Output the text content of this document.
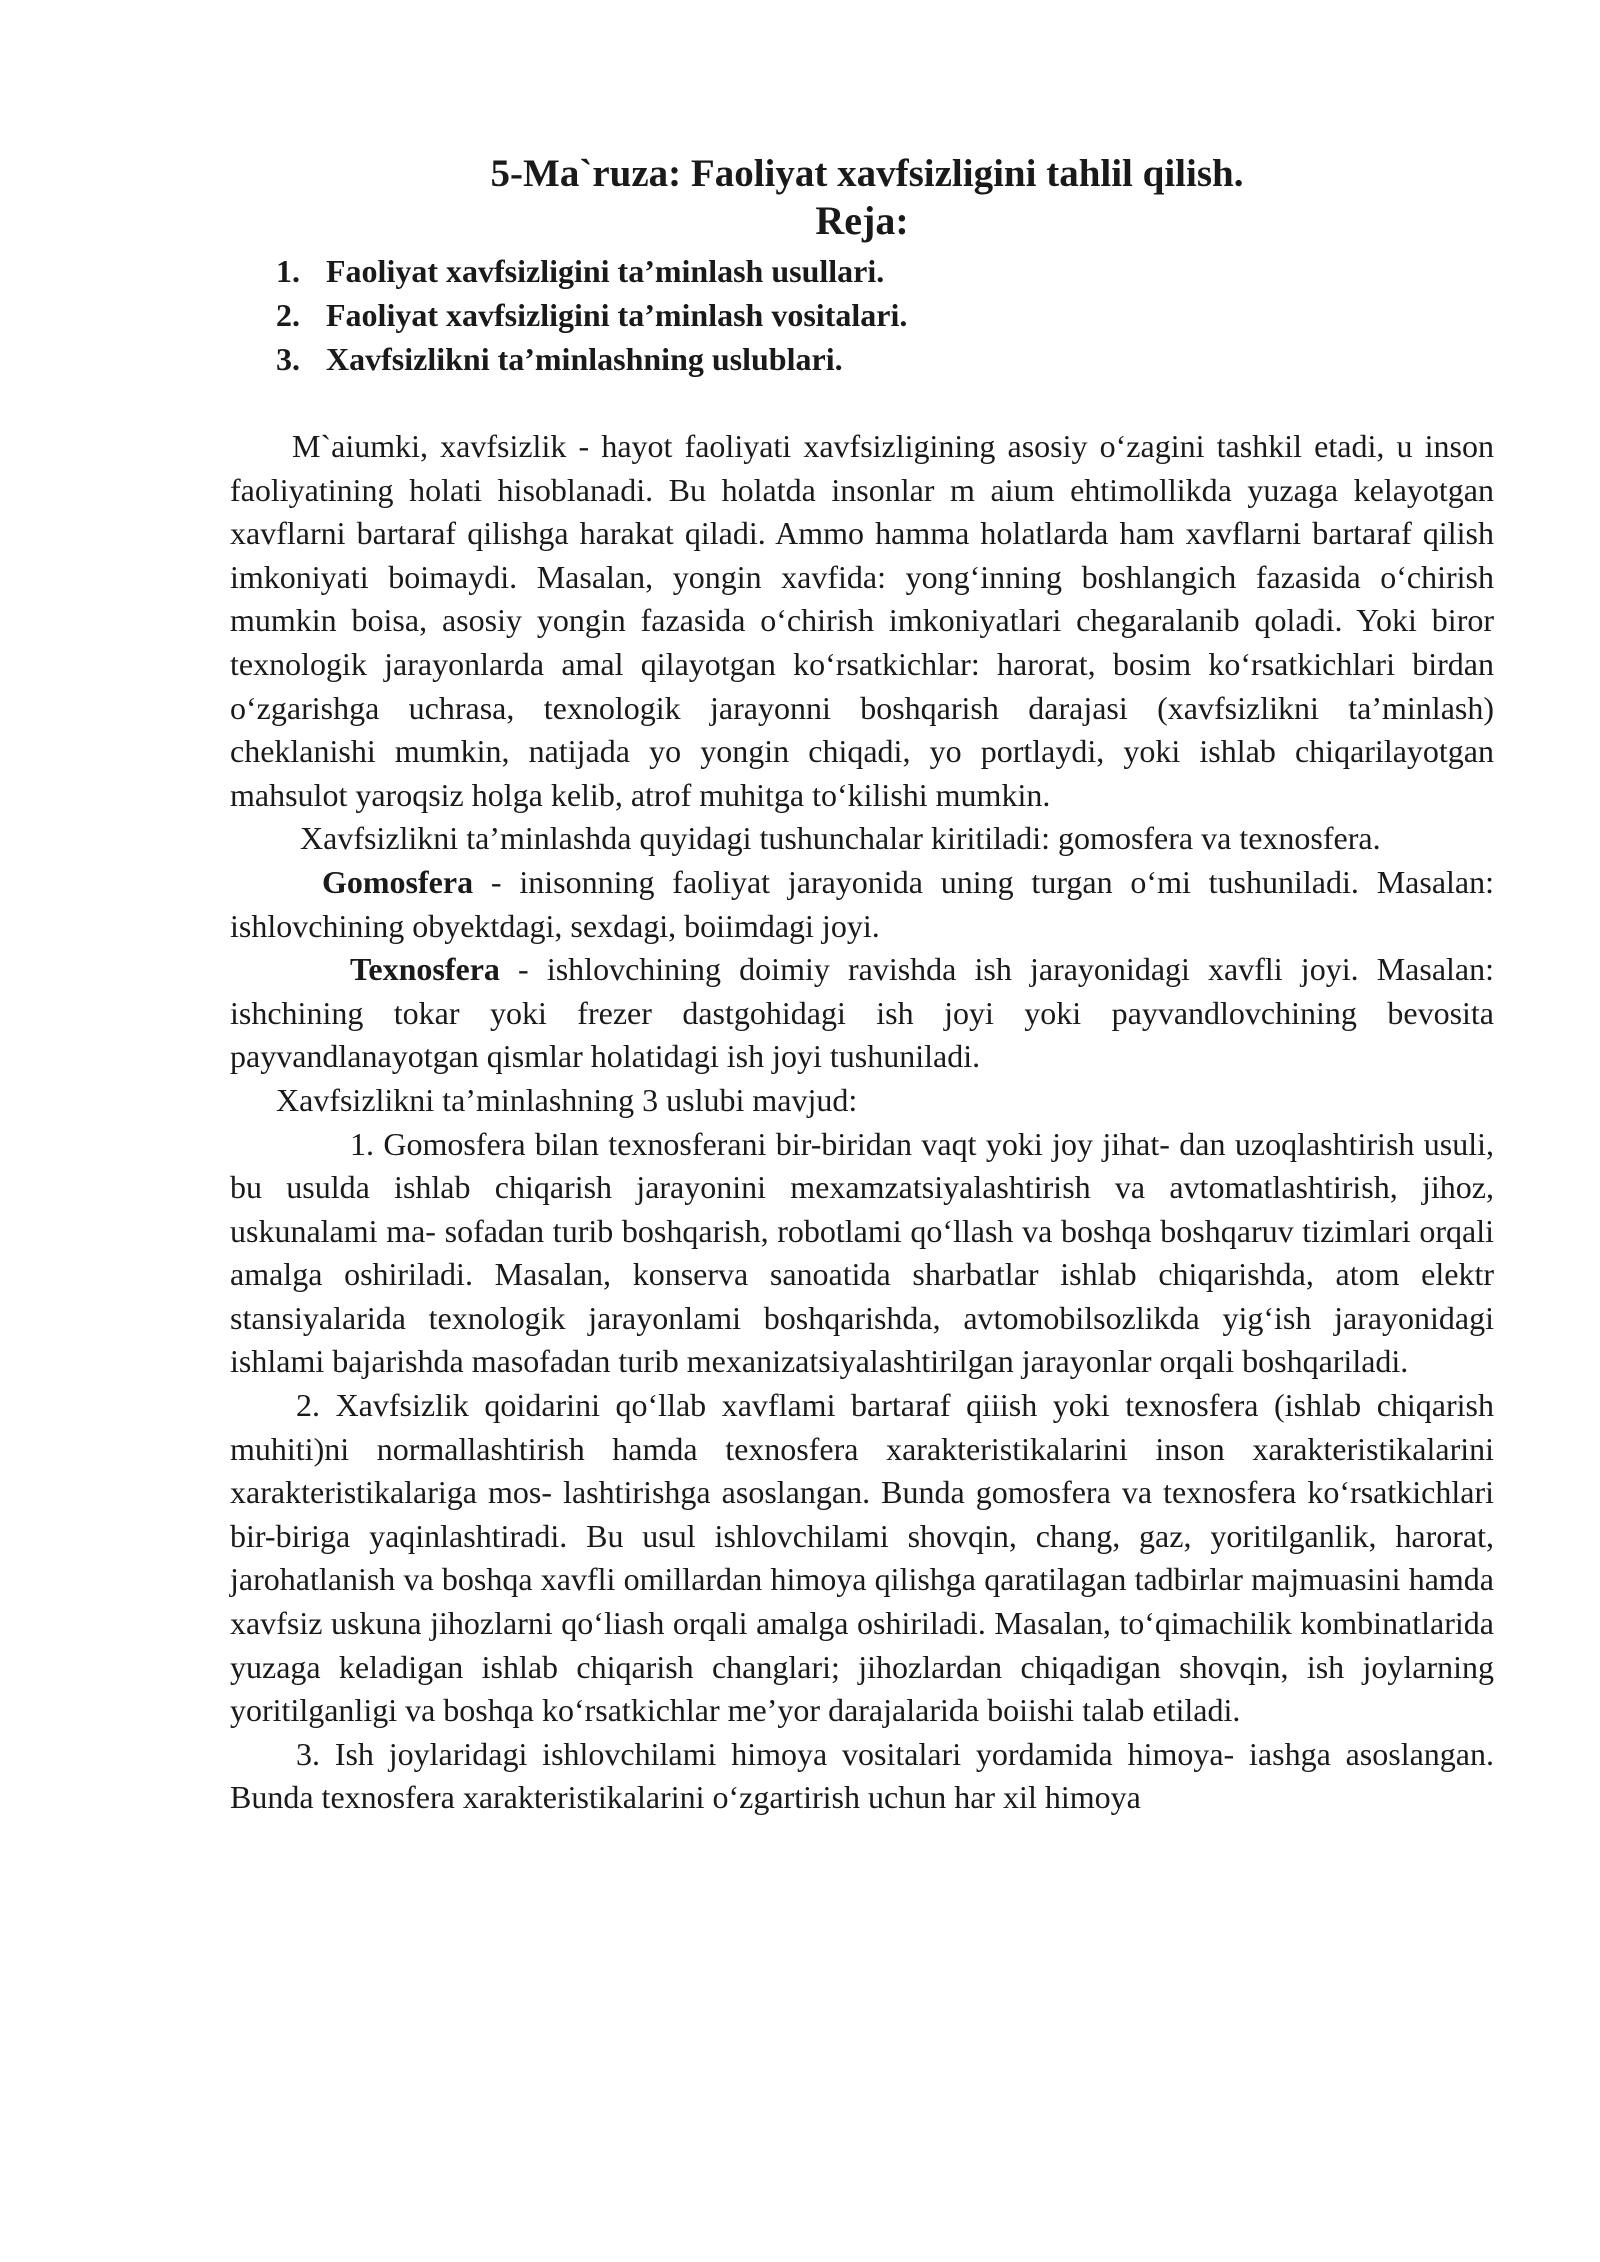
5-Ma`ruza: Faoliyat xavfsizligini tahlil qilish.
Reja:
1. Faoliyat xavfsizligini ta’minlash usullari.
2. Faoliyat xavfsizligini ta’minlash vositalari.
3. Xavfsizlikni ta’minlashning uslublari.

M`aiumki, xavfsizlik - hayot faoliyati xavfsizligining asosiy o‘zagini tashkil etadi, u inson faoliyatining holati hisoblanadi. Bu holatda insonlar m aium ehtimollikda yuzaga kelayotgan xavflarni bartaraf qilishga harakat qiladi. Ammo hamma holatlarda ham xavflarni bartaraf qilish imkoniyati boimaydi. Masalan, yongin xavfida: yong‘inning boshlangich fazasida o‘chirish mumkin boisa, asosiy yongin fazasida o‘chirish imkoniyatlari chegaralanib qoladi. Yoki biror texnologik jarayonlarda amal qilayotgan ko‘rsatkichlar: harorat, bosim ko‘rsatkichlari birdan o‘zgarishga uchrasa, texnologik jarayonni boshqarish darajasi (xavfsizlikni ta’minlash) cheklanishi mumkin, natijada yo yongin chiqadi, yo portlaydi, yoki ishlab chiqarilayotgan mahsulot yaroqsiz holga kelib, atrof muhitga to‘kilishi mumkin.

Xavfsizlikni ta’minlashda quyidagi tushunchalar kiritiladi: gomosfera va texnosfera.

Gomosfera - inisonning faoliyat jarayonida uning turgan o‘mi tushuniladi. Masalan: ishlovchining obyektdagi, sexdagi, boiimdagi joyi.

Texnosfera - ishlovchining doimiy ravishda ish jarayonidagi xavfli joyi. Masalan: ishchining tokar yoki frezer dastgohidagi ish joyi yoki payvandlovchining bevosita payvandlanayotgan qismlar holatidagi ish joyi tushuniladi.

Xavfsizlikni ta’minlashning 3 uslubi mavjud:

1. Gomosfera bilan texnosferani bir-biridan vaqt yoki joy jihat- dan uzoqlashtirish usuli, bu usulda ishlab chiqarish jarayonini mexamzatsiyalashtirish va avtomatlashtirish, jihoz, uskunalami ma- sofadan turib boshqarish, robotlami qo‘llash va boshqa boshqaruv tizimlari orqali amalga oshiriladi. Masalan, konserva sanoatida sharbatlar ishlab chiqarishda, atom elektr stansiyalarida texnologik jarayonlami boshqarishda, avtomobilsozlikda yig‘ish jarayonidagi ishlami bajarishda masofadan turib mexanizatsiyalashtirilgan jarayonlar orqali boshqariladi.

2. Xavfsizlik qoidarini qo‘llab xavflami bartaraf qiiish yoki texnosfera (ishlab chiqarish muhiti)ni normallashtirish hamda texnosfera xarakteristikalarini inson xarakteristikalarini xarakteristikalariga mos- lashtirishga asoslangan. Bunda gomosfera va texnosfera ko‘rsatkichlari bir-biriga yaqinlashtiradi. Bu usul ishlovchilami shovqin, chang, gaz, yoritilganlik, harorat, jarohatlanish va boshqa xavfli omillardan himoya qilishga qaratilagan tadbirlar majmuasini hamda xavfsiz uskuna jihozlarni qo‘liash orqali amalga oshiriladi. Masalan, to‘qimachilik kombinatlarida yuzaga keladigan ishlab chiqarish changlari; jihozlardan chiqadigan shovqin, ish joylarning yoritilganligi va boshqa ko‘rsatkichlar me’yor darajalarida boiishi talab etiladi.

3. Ish joylaridagi ishlovchilami himoya vositalari yordamida himoya- iashga asoslangan. Bunda texnosfera xarakteristikalarini o‘zgartirish uchun har xil himoya
